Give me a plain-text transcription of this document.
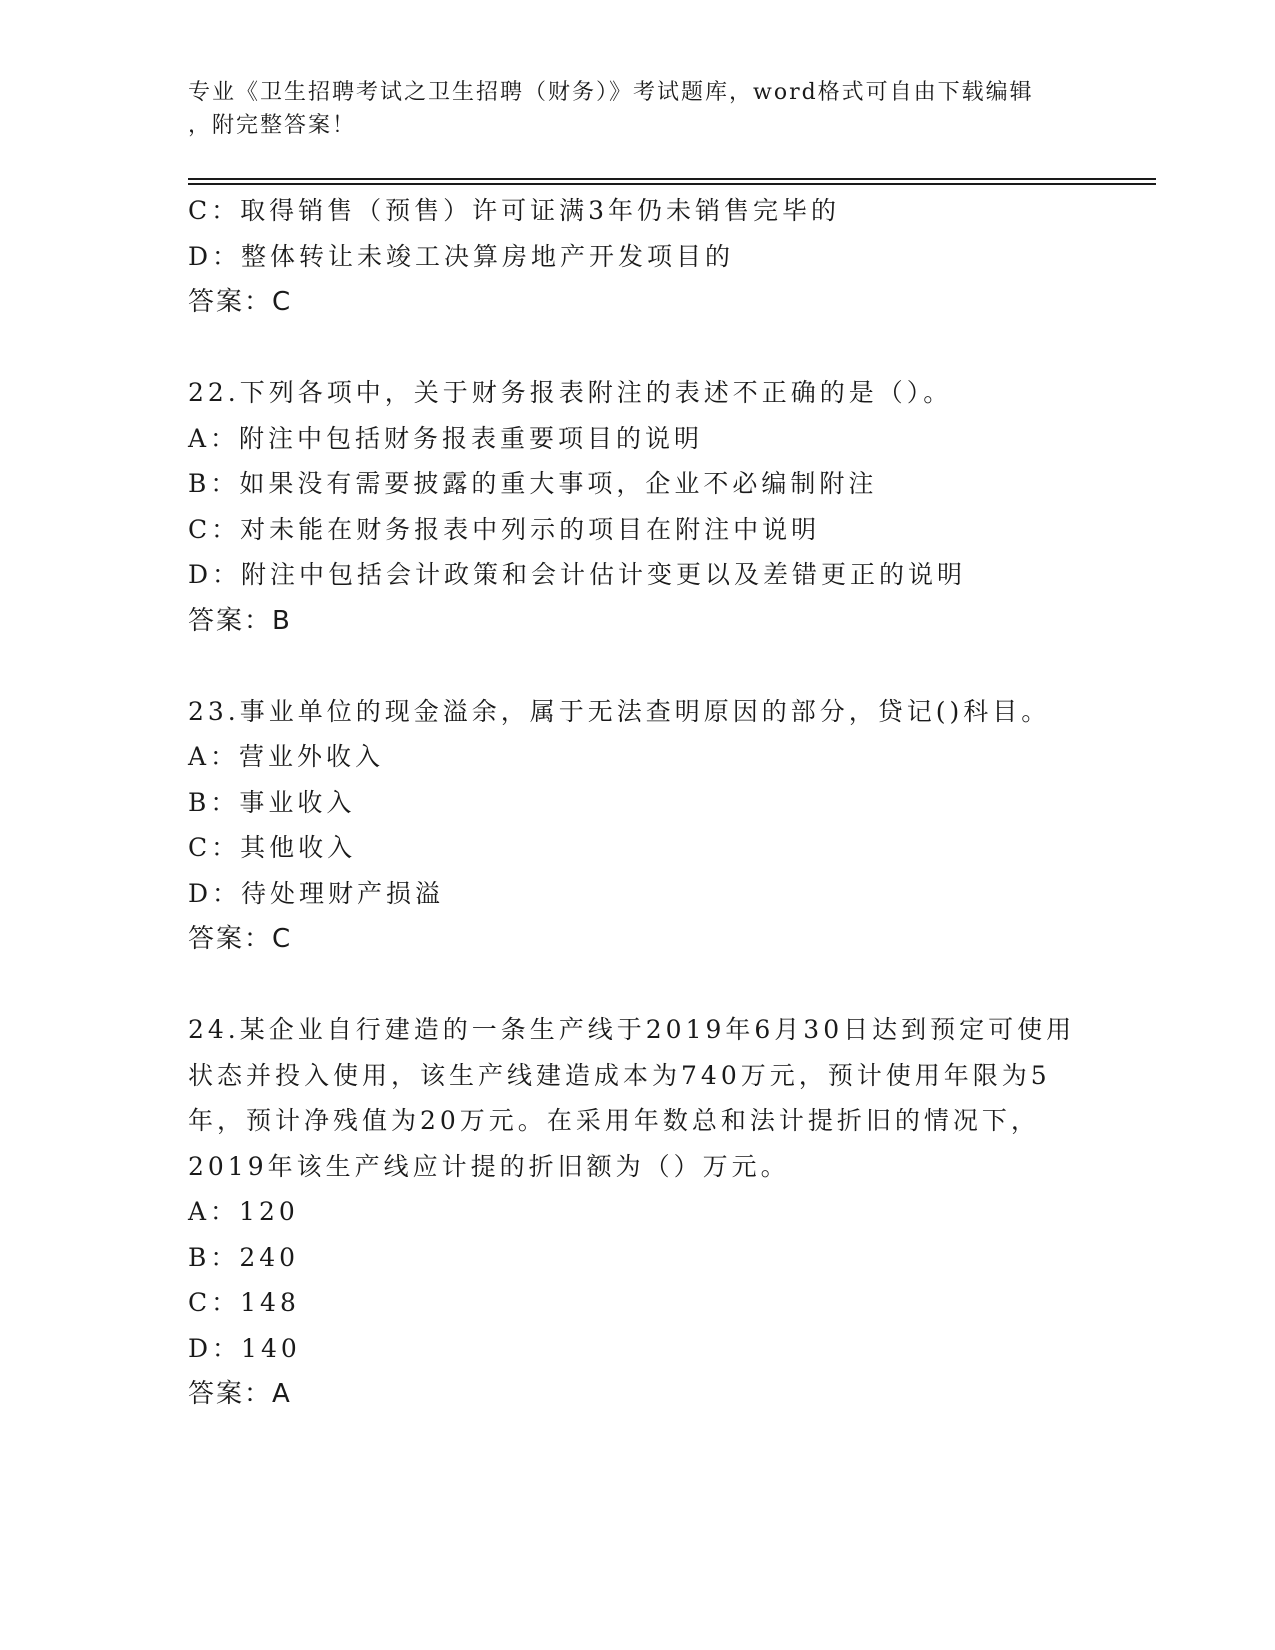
专业《卫生招聘考试之卫生招聘（财务）》考试题库，word格式可自由下载编辑
，附完整答案！
C：取得销售（预售）许可证满3年仍未销售完毕的
D：整体转让未竣工决算房地产开发项目的
答案：C
22.下列各项中，关于财务报表附注的表述不正确的是（）。
A：附注中包括财务报表重要项目的说明
B：如果没有需要披露的重大事项，企业不必编制附注
C：对未能在财务报表中列示的项目在附注中说明
D：附注中包括会计政策和会计估计变更以及差错更正的说明
答案：B
23.事业单位的现金溢余，属于无法查明原因的部分，贷记()科目。
A：营业外收入
B：事业收入
C：其他收入
D：待处理财产损溢
答案：C
24.某企业自行建造的一条生产线于2019年6月30日达到预定可使用
状态并投入使用，该生产线建造成本为740万元，预计使用年限为5
年，预计净残值为20万元。在采用年数总和法计提折旧的情况下，
2019年该生产线应计提的折旧额为（）万元。
A：120
B：240
C：148
D：140
答案：A
